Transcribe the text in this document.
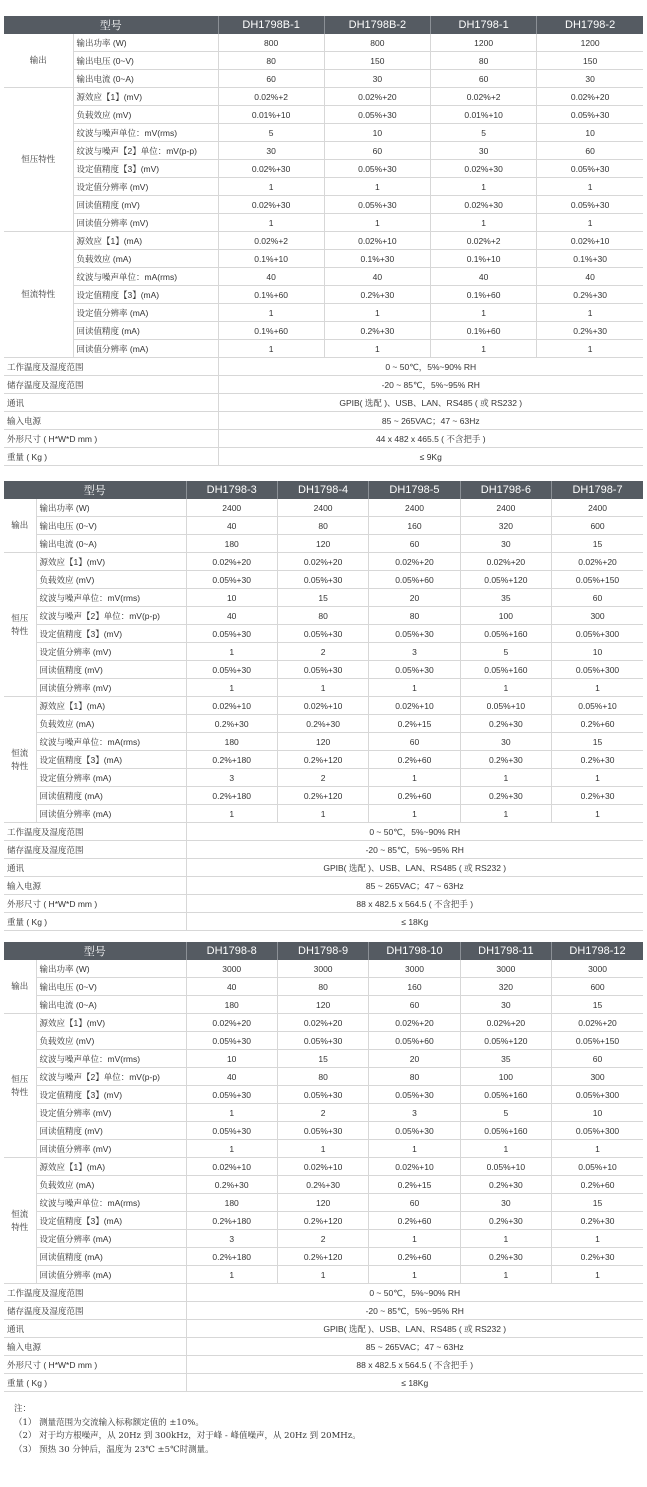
型号		DH1798B-1	DH1798B-2	DH1798-1	DH1798-2
输出	输出功率 (W)	800	800	1200	1200
	输出电压 (0~V)	80	150	80	150
	输出电流 (0~A)	60	30	60	30
恒压特性	源效应【1】(mV)	0.02%+2	0.02%+20	0.02%+2	0.02%+20
	负载效应 (mV)	0.01%+10	0.05%+30	0.01%+10	0.05%+30
	纹波与噪声单位：mV(rms)	5	10	5	10
	纹波与噪声【2】单位：mV(p-p)	30	60	30	60
	设定值精度【3】(mV)	0.02%+30	0.05%+30	0.02%+30	0.05%+30
	设定值分辨率 (mV)	1	1	1	1
	回读值精度 (mV)	0.02%+30	0.05%+30	0.02%+30	0.05%+30
	回读值分辨率 (mV)	1	1	1	1
恒流特性	源效应【1】(mA)	0.02%+2	0.02%+10	0.02%+2	0.02%+10
	负载效应 (mA)	0.1%+10	0.1%+30	0.1%+10	0.1%+30
	纹波与噪声单位：mA(rms)	40	40	40	40
	设定值精度【3】(mA)	0.1%+60	0.2%+30	0.1%+60	0.2%+30
	设定值分辨率 (mA)	1	1	1	1
	回读值精度 (mA)	0.1%+60	0.2%+30	0.1%+60	0.2%+30
	回读值分辨率 (mA)	1	1	1	1
工作温度及湿度范围		0 ~ 50℃，5%~90% RH			
储存温度及湿度范围		-20 ~ 85℃，5%~95% RH			
通讯		GPIB( 选配 )、USB、LAN、RS485 ( 或 RS232 )			
输入电源		85 ~ 265VAC；47 ~ 63Hz			
外形尺寸 ( H*W*D mm )		44 x 482 x 465.5 ( 不含把手 )			
重量 ( Kg )		≤ 9Kg			
型号		DH1798-3	DH1798-4	DH1798-5	DH1798-6	DH1798-7
输出	输出功率 (W)	2400	2400	2400	2400	2400
	输出电压 (0~V)	40	80	160	320	600
	输出电流 (0~A)	180	120	60	30	15
恒压
特性	源效应【1】(mV)	0.02%+20	0.02%+20	0.02%+20	0.02%+20	0.02%+20
	负载效应 (mV)	0.05%+30	0.05%+30	0.05%+60	0.05%+120	0.05%+150
	纹波与噪声单位：mV(rms)	10	15	20	35	60
	纹波与噪声【2】单位：mV(p-p)	40	80	80	100	300
	设定值精度【3】(mV)	0.05%+30	0.05%+30	0.05%+30	0.05%+160	0.05%+300
	设定值分辨率 (mV)	1	2	3	5	10
	回读值精度 (mV)	0.05%+30	0.05%+30	0.05%+30	0.05%+160	0.05%+300
	回读值分辨率 (mV)	1	1	1	1	1
恒流
特性	源效应【1】(mA)	0.02%+10	0.02%+10	0.02%+10	0.05%+10	0.05%+10
	负载效应 (mA)	0.2%+30	0.2%+30	0.2%+15	0.2%+30	0.2%+60
	纹波与噪声单位：mA(rms)	180	120	60	30	15
	设定值精度【3】(mA)	0.2%+180	0.2%+120	0.2%+60	0.2%+30	0.2%+30
	设定值分辨率 (mA)	3	2	1	1	1
	回读值精度 (mA)	0.2%+180	0.2%+120	0.2%+60	0.2%+30	0.2%+30
	回读值分辨率 (mA)	1	1	1	1	1
工作温度及湿度范围		0 ~ 50℃，5%~90% RH				
储存温度及湿度范围		-20 ~ 85℃，5%~95% RH				
通讯		GPIB( 选配 )、USB、LAN、RS485 ( 或 RS232 )				
输入电源		85 ~ 265VAC；47 ~ 63Hz				
外形尺寸 ( H*W*D mm )		88 x 482.5 x 564.5 ( 不含把手 )				
重量 ( Kg )		≤ 18Kg				
型号		DH1798-8	DH1798-9	DH1798-10	DH1798-11	DH1798-12
输出	输出功率 (W)	3000	3000	3000	3000	3000
	输出电压 (0~V)	40	80	160	320	600
	输出电流 (0~A)	180	120	60	30	15
恒压
特性	源效应【1】(mV)	0.02%+20	0.02%+20	0.02%+20	0.02%+20	0.02%+20
	负载效应 (mV)	0.05%+30	0.05%+30	0.05%+60	0.05%+120	0.05%+150
	纹波与噪声单位：mV(rms)	10	15	20	35	60
	纹波与噪声【2】单位：mV(p-p)	40	80	80	100	300
	设定值精度【3】(mV)	0.05%+30	0.05%+30	0.05%+30	0.05%+160	0.05%+300
	设定值分辨率 (mV)	1	2	3	5	10
	回读值精度 (mV)	0.05%+30	0.05%+30	0.05%+30	0.05%+160	0.05%+300
	回读值分辨率 (mV)	1	1	1	1	1
恒流
特性	源效应【1】(mA)	0.02%+10	0.02%+10	0.02%+10	0.05%+10	0.05%+10
	负载效应 (mA)	0.2%+30	0.2%+30	0.2%+15	0.2%+30	0.2%+60
	纹波与噪声单位：mA(rms)	180	120	60	30	15
	设定值精度【3】(mA)	0.2%+180	0.2%+120	0.2%+60	0.2%+30	0.2%+30
	设定值分辨率 (mA)	3	2	1	1	1
	回读值精度 (mA)	0.2%+180	0.2%+120	0.2%+60	0.2%+30	0.2%+30
	回读值分辨率 (mA)	1	1	1	1	1
工作温度及湿度范围		0 ~ 50℃，5%~90% RH				
储存温度及湿度范围		-20 ~ 85℃，5%~95% RH				
通讯		GPIB( 选配 )、USB、LAN、RS485 ( 或 RS232 )				
输入电源		85 ~ 265VAC；47 ~ 63Hz				
外形尺寸 ( H*W*D mm )		88 x 482.5 x 564.5 ( 不含把手 )				
重量 ( Kg )		≤ 18Kg				
注：
（1） 测量范围为交流输入标称额定值的 ±10%。
（2） 对于均方根噪声，从 20Hz 到 300kHz，对于峰 - 峰值噪声，从 20Hz 到 20MHz。
（3） 预热 30 分钟后，温度为 23℃ ±5℃时测量。
